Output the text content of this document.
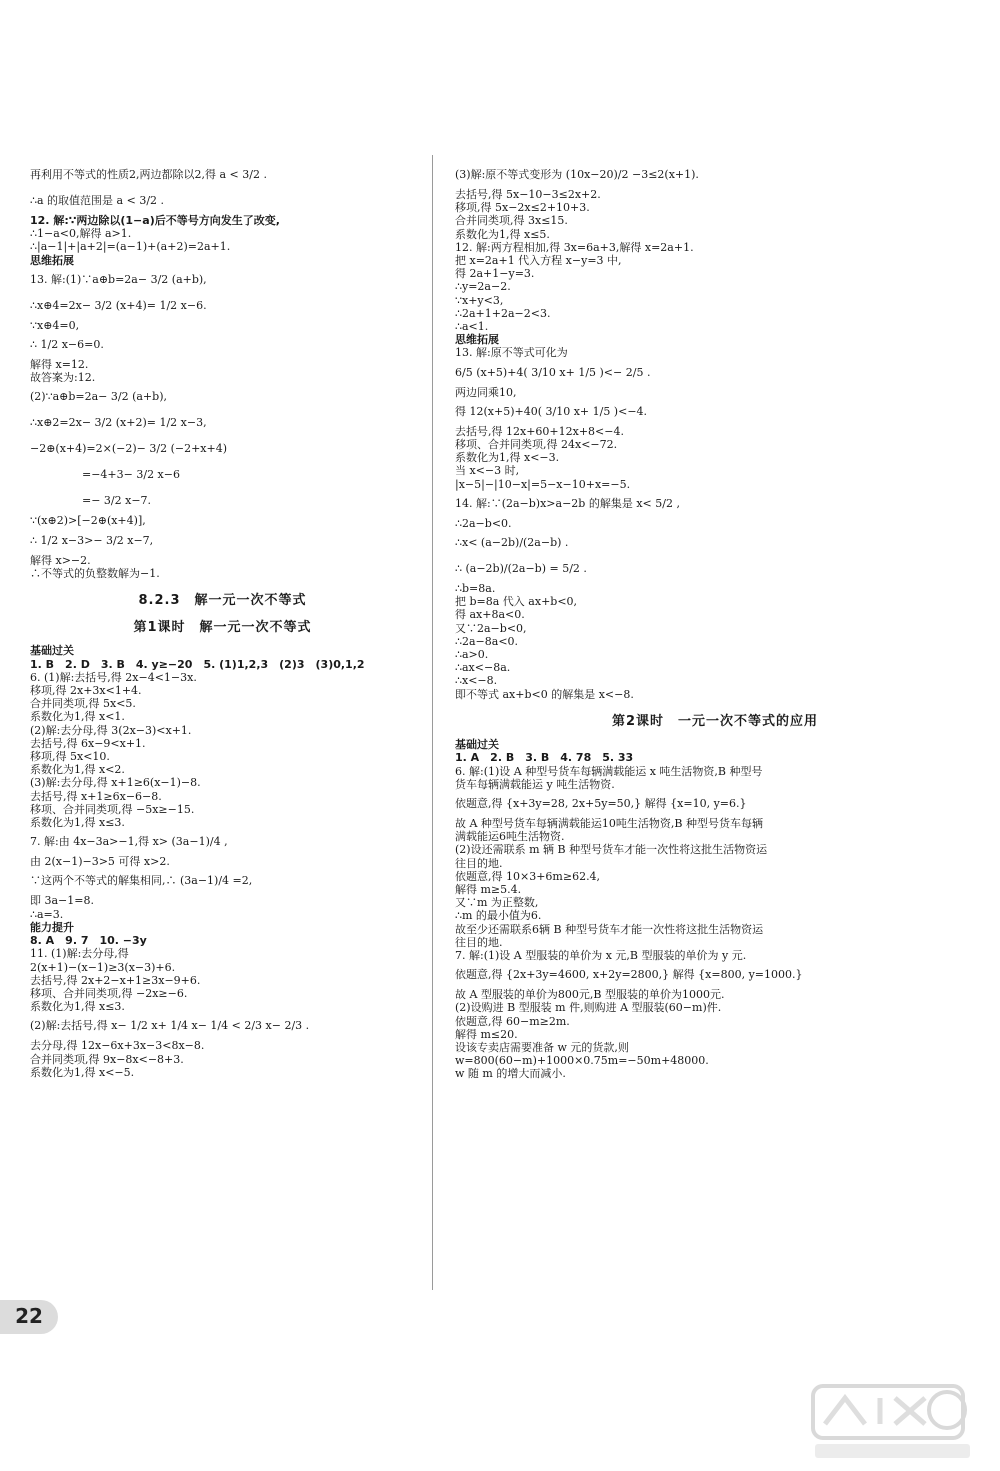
再利用不等式的性质2,两边都除以2,得 a < 3/2 .
∴a 的取值范围是 a < 3/2 .
12. 解:∵两边除以(1−a)后不等号方向发生了改变,
∴1−a<0,解得 a>1.
∴|a−1|+|a+2|=(a−1)+(a+2)=2a+1.
思维拓展
13. 解:(1)∵a⊕b=2a− 3/2 (a+b),
∴x⊕4=2x− 3/2 (x+4)= 1/2 x−6.
∵x⊕4=0,
∴ 1/2 x−6=0.
解得 x=12.
故答案为:12.
(2)∵a⊕b=2a− 3/2 (a+b),
∴x⊕2=2x− 3/2 (x+2)= 1/2 x−3,
−2⊕(x+4)=2×(−2)− 3/2 (−2+x+4)
=−4+3− 3/2 x−6
=− 3/2 x−7.
∵(x⊕2)>[−2⊕(x+4)],
∴ 1/2 x−3>− 3/2 x−7,
解得 x>−2.
∴不等式的负整数解为−1.
8.2.3　解一元一次不等式
第1课时　解一元一次不等式
基础过关
1. B　2. D　3. B　4. y≥−20　5. (1)1,2,3　(2)3　(3)0,1,2
6. (1)解:去括号,得 2x−4<1−3x.
移项,得 2x+3x<1+4.
合并同类项,得 5x<5.
系数化为1,得 x<1.
(2)解:去分母,得 3(2x−3)<x+1.
去括号,得 6x−9<x+1.
移项,得 5x<10.
系数化为1,得 x<2.
(3)解:去分母,得 x+1≥6(x−1)−8.
去括号,得 x+1≥6x−6−8.
移项、合并同类项,得 −5x≥−15.
系数化为1,得 x≤3.
7. 解:由 4x−3a>−1,得 x> (3a−1)/4 ,
由 2(x−1)−3>5 可得 x>2.
∵这两个不等式的解集相同,∴ (3a−1)/4 =2,
即 3a−1=8.
∴a=3.
能力提升
8. A　9. 7　10. −3y
11. (1)解:去分母,得
2(x+1)−(x−1)≥3(x−3)+6.
去括号,得 2x+2−x+1≥3x−9+6.
移项、合并同类项,得 −2x≥−6.
系数化为1,得 x≤3.
(2)解:去括号,得 x− 1/2 x+ 1/4 x− 1/4 < 2/3 x− 2/3 .
去分母,得 12x−6x+3x−3<8x−8.
合并同类项,得 9x−8x<−8+3.
系数化为1,得 x<−5.
(3)解:原不等式变形为 (10x−20)/2 −3≤2(x+1).
去括号,得 5x−10−3≤2x+2.
移项,得 5x−2x≤2+10+3.
合并同类项,得 3x≤15.
系数化为1,得 x≤5.
12. 解:两方程相加,得 3x=6a+3,解得 x=2a+1.
把 x=2a+1 代入方程 x−y=3 中,
得 2a+1−y=3.
∴y=2a−2.
∵x+y<3,
∴2a+1+2a−2<3.
∴a<1.
思维拓展
13. 解:原不等式可化为
6/5 (x+5)+4( 3/10 x+ 1/5 )<− 2/5 .
两边同乘10,
得 12(x+5)+40( 3/10 x+ 1/5 )<−4.
去括号,得 12x+60+12x+8<−4.
移项、合并同类项,得 24x<−72.
系数化为1,得 x<−3.
当 x<−3 时,
|x−5|−|10−x|=5−x−10+x=−5.
14. 解:∵(2a−b)x>a−2b 的解集是 x< 5/2 ,
∴2a−b<0.
∴x< (a−2b)/(2a−b) .
∴ (a−2b)/(2a−b) = 5/2 .
∴b=8a.
把 b=8a 代入 ax+b<0,
得 ax+8a<0.
又∵2a−b<0,
∴2a−8a<0.
∴a>0.
∴ax<−8a.
∴x<−8.
即不等式 ax+b<0 的解集是 x<−8.
第2课时　一元一次不等式的应用
基础过关
1. A　2. B　3. B　4. 78　5. 33
6. 解:(1)设 A 种型号货车每辆满载能运 x 吨生活物资,B 种型号
货车每辆满载能运 y 吨生活物资.
依题意,得 {x+3y=28, 2x+5y=50,} 解得 {x=10, y=6.}
故 A 种型号货车每辆满载能运10吨生活物资,B 种型号货车每辆
满载能运6吨生活物资.
(2)设还需联系 m 辆 B 种型号货车才能一次性将这批生活物资运
往目的地.
依题意,得 10×3+6m≥62.4,
解得 m≥5.4.
又∵m 为正整数,
∴m 的最小值为6.
故至少还需联系6辆 B 种型号货车才能一次性将这批生活物资运
往目的地.
7. 解:(1)设 A 型服装的单价为 x 元,B 型服装的单价为 y 元.
依题意,得 {2x+3y=4600, x+2y=2800,} 解得 {x=800, y=1000.}
故 A 型服装的单价为800元,B 型服装的单价为1000元.
(2)设购进 B 型服装 m 件,则购进 A 型服装(60−m)件.
依题意,得 60−m≥2m.
解得 m≤20.
设该专卖店需要准备 w 元的货款,则
w=800(60−m)+1000×0.75m=−50m+48000.
w 随 m 的增大而减小.
22
